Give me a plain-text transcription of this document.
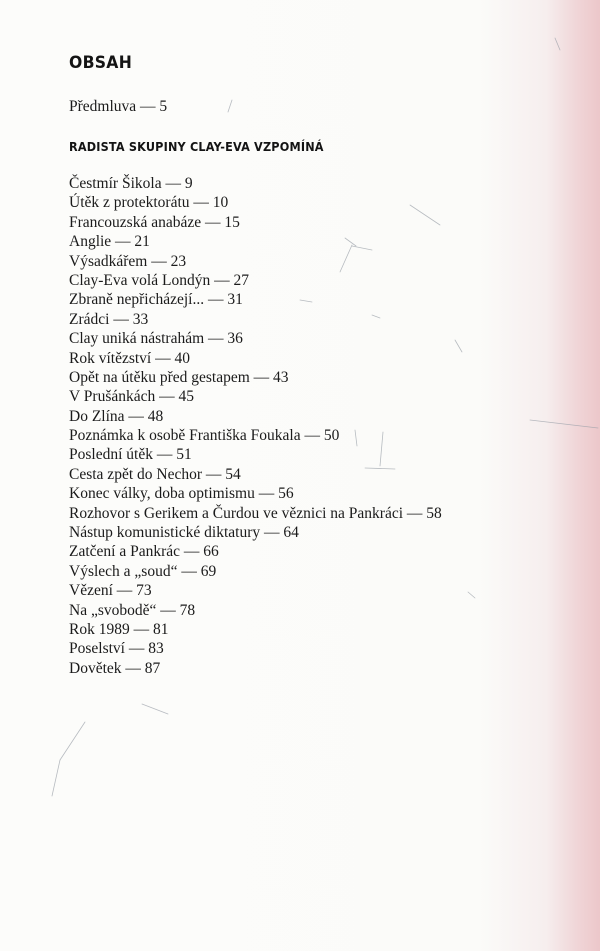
OBSAH
Předmluva — 5
RADISTA SKUPINY CLAY-EVA VZPOMÍNÁ
Čestmír Šikola — 9
Útěk z protektorátu — 10
Francouzská anabáze — 15
Anglie — 21
Výsadkářem — 23
Clay-Eva volá Londýn — 27
Zbraně nepřicházejí... — 31
Zrádci — 33
Clay uniká nástrahám — 36
Rok vítězství — 40
Opět na útěku před gestapem — 43
V Prušánkách — 45
Do Zlína — 48
Poznámka k osobě Františka Foukala — 50
Poslední útěk — 51
Cesta zpět do Nechor — 54
Konec války, doba optimismu — 56
Rozhovor s Gerikem a Čurdou ve věznici na Pankráci — 58
Nástup komunistické diktatury — 64
Zatčení a Pankrác — 66
Výslech a „soud“ — 69
Vězení — 73
Na „svobodě“ — 78
Rok 1989 — 81
Poselství — 83
Dovětek — 87
